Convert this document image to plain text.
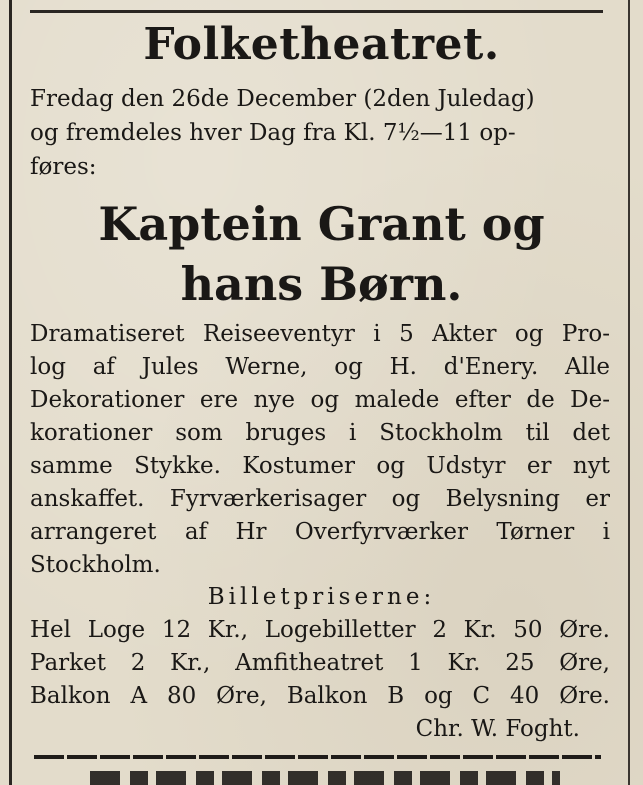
Folketheatret.
Fredag den 26de December (2den Juledag)
og fremdeles hver Dag fra Kl. 7½—11 op-
føres:
Kaptein Grant og
hans Børn.
Dramatiseret Reiseeventyr i 5 Akter og Pro-
log af Jules Werne, og H. d'Enery. Alle
Dekorationer ere nye og malede efter de De-
korationer som bruges i Stockholm til det
samme Stykke. Kostumer og Udstyr er nyt
anskaffet. Fyrværkerisager og Belysning er
arrangeret af Hr Overfyrværker Tørner i
Stockholm.
Billetpriserne:
Hel Loge 12 Kr., Logebilletter 2 Kr. 50 Øre.
Parket 2 Kr., Amfitheatret 1 Kr. 25 Øre,
Balkon A 80 Øre, Balkon B og C 40 Øre.
Chr. W. Foght.
